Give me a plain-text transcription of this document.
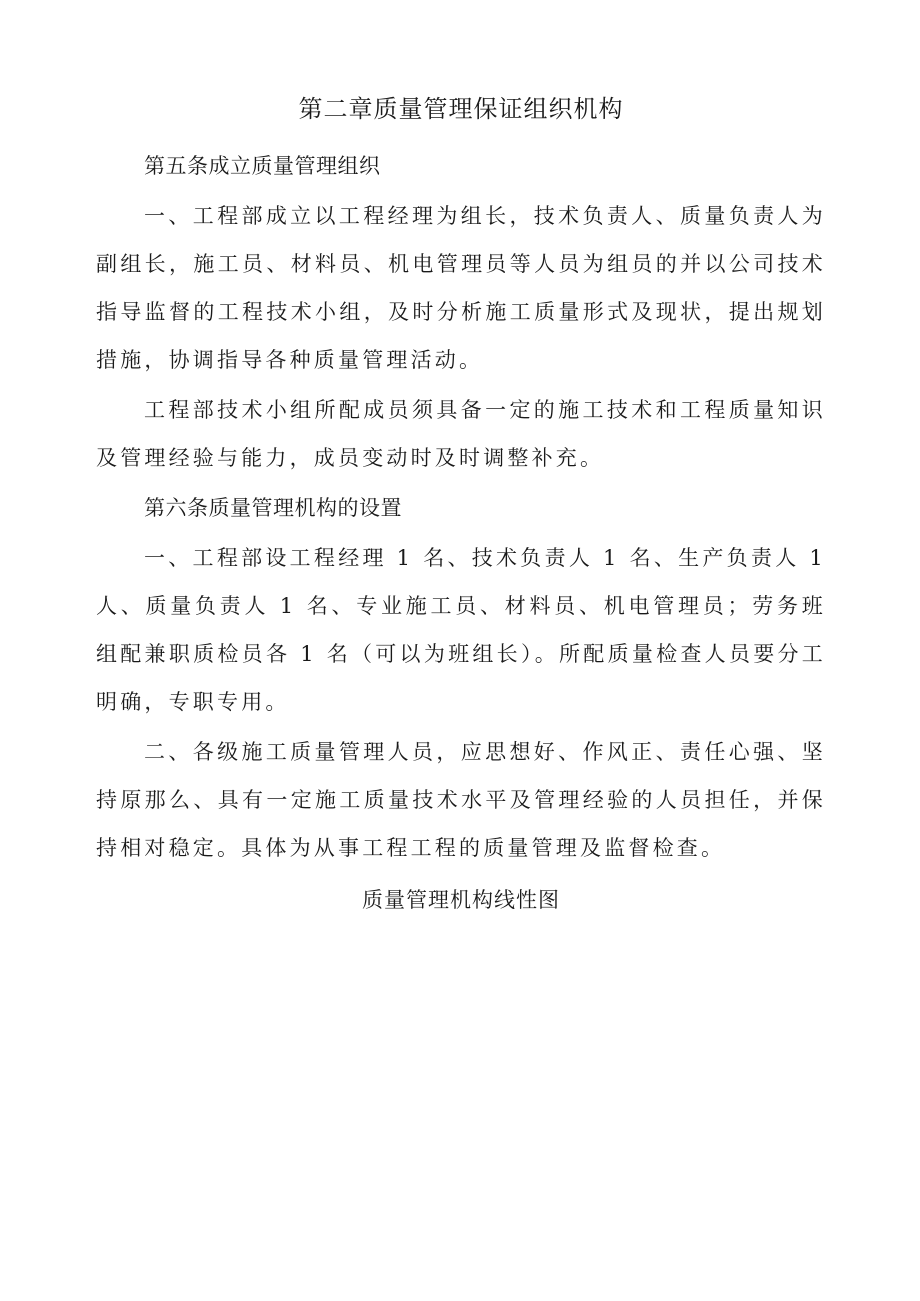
第二章质量管理保证组织机构

第五条成立质量管理组织

一、工程部成立以工程经理为组长，技术负责人、质量负责人为副组长，施工员、材料员、机电管理员等人员为组员的并以公司技术指导监督的工程技术小组，及时分析施工质量形式及现状，提出规划措施，协调指导各种质量管理活动。

工程部技术小组所配成员须具备一定的施工技术和工程质量知识及管理经验与能力，成员变动时及时调整补充。

第六条质量管理机构的设置

一、工程部设工程经理 1 名、技术负责人 1 名、生产负责人 1 人、质量负责人 1 名、专业施工员、材料员、机电管理员；劳务班组配兼职质检员各 1 名（可以为班组长）。所配质量检查人员要分工明确，专职专用。

二、各级施工质量管理人员，应思想好、作风正、责任心强、坚持原那么、具有一定施工质量技术水平及管理经验的人员担任，并保持相对稳定。具体为从事工程工程的质量管理及监督检查。

质量管理机构线性图
